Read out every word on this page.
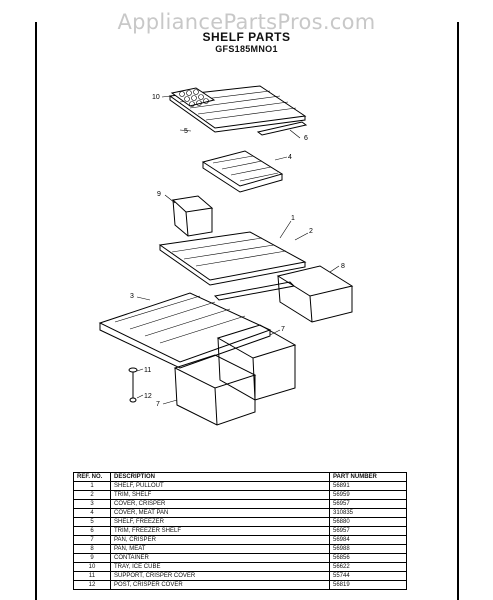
AppliancePartsPros.com
SHELF PARTS
GFS185MNO1
10
5
6
4
9
1
2
8
3
7
11
12
7
REF. NO.	DESCRIPTION	PART NUMBER
1	SHELF, PULLOUT	56891
2	TRIM, SHELF	56959
3	COVER, CRISPER	56957
4	COVER, MEAT PAN	310835
5	SHELF, FREEZER	56880
6	TRIM, FREEZER SHELF	56957
7	PAN, CRISPER	56984
8	PAN, MEAT	56988
9	CONTAINER	56856
10	TRAY, ICE CUBE	56622
11	SUPPORT, CRISPER COVER	55744
12	POST, CRISPER COVER	56819
